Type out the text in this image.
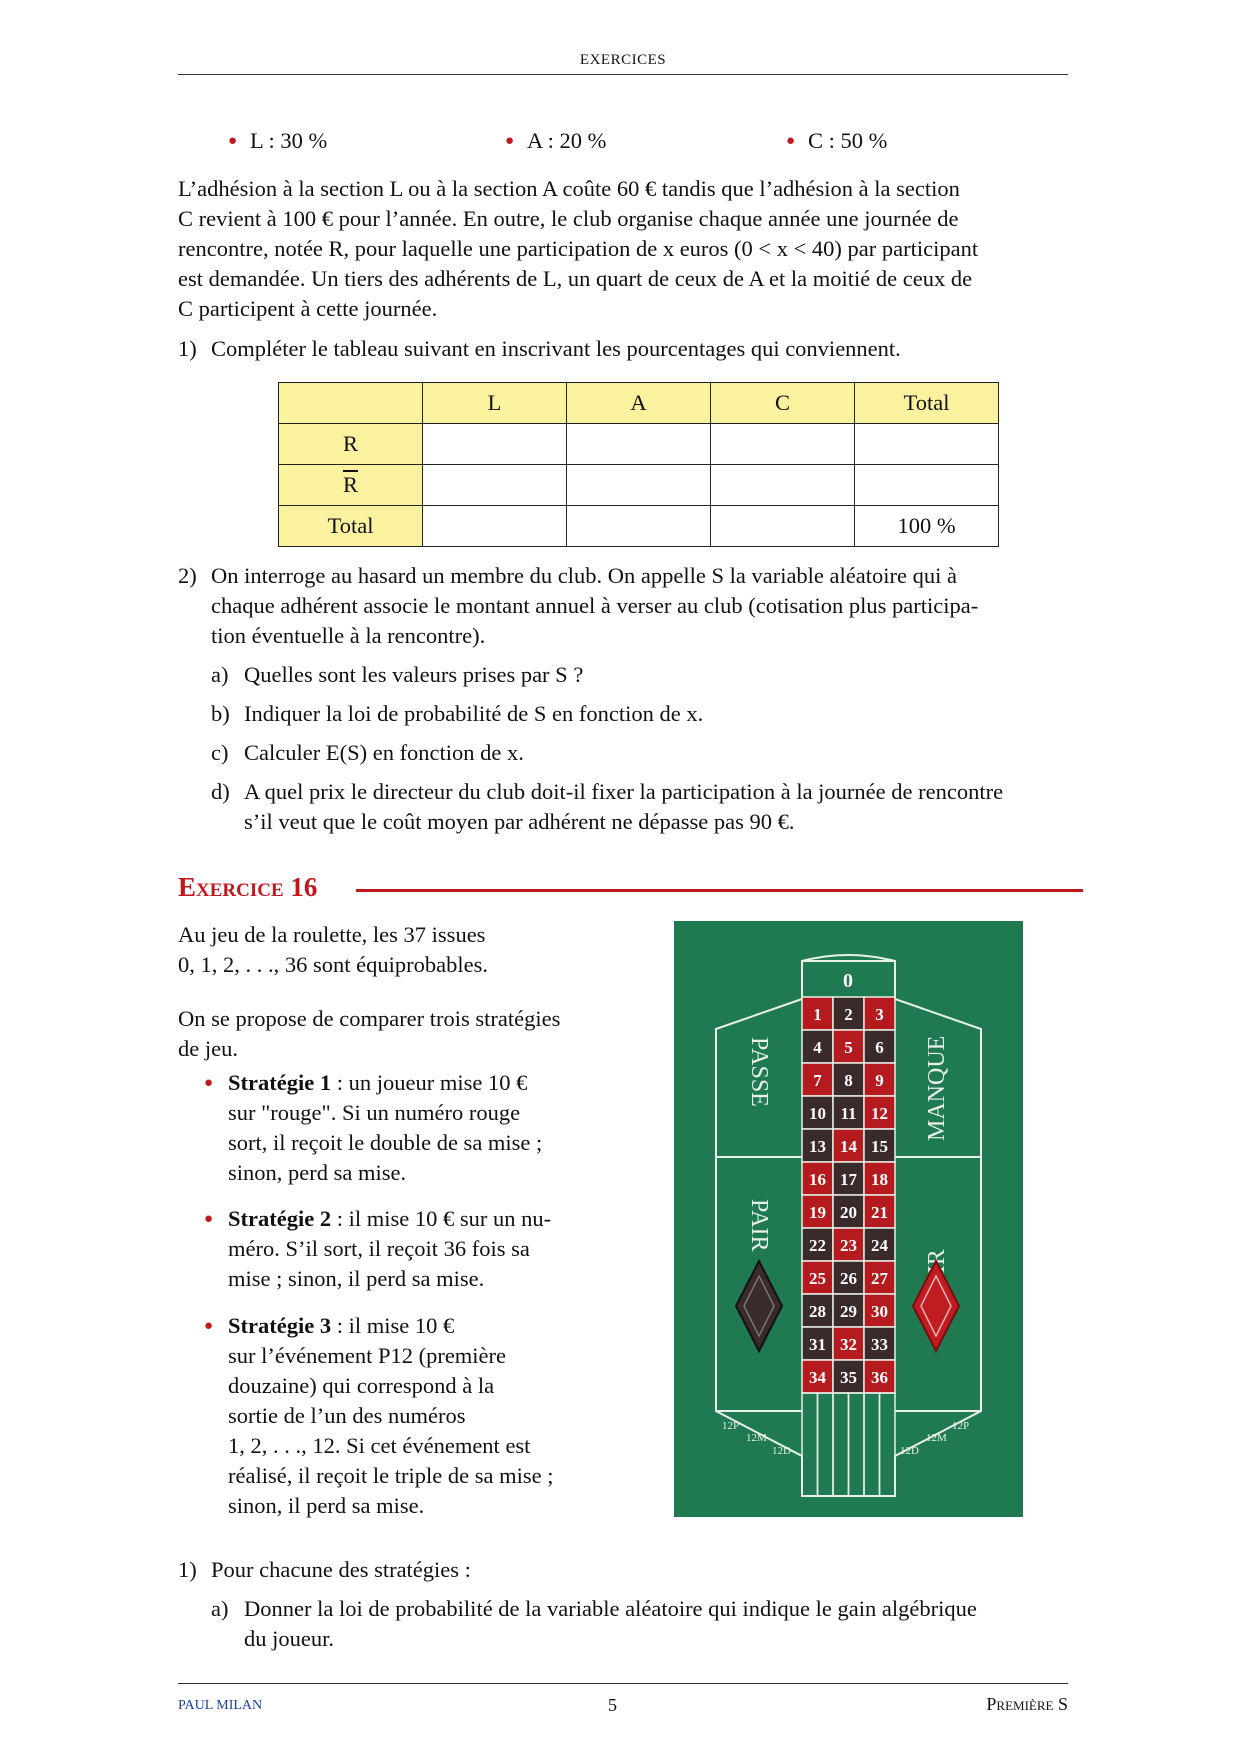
EXERCICES
● L : 30 %	● A : 20 %	● C : 50 %
L’adhésion à la section L ou à la section A coûte 60 € tandis que l’adhésion à la section
C revient à 100 € pour l’année. En outre, le club organise chaque année une journée de
rencontre, notée R, pour laquelle une participation de x euros (0 < x < 40) par participant
est demandée. Un tiers des adhérents de L, un quart de ceux de A et la moitié de ceux de
C participent à cette journée.
1) Compléter le tableau suivant en inscrivant les pourcentages qui conviennent.
	L	A	C	Total
R				
$\overline{R}$				
Total				100 %
2) On interroge au hasard un membre du club. On appelle S la variable aléatoire qui à
chaque adhérent associe le montant annuel à verser au club (cotisation plus participa-
tion éventuelle à la rencontre).
a) Quelles sont les valeurs prises par S ?
b) Indiquer la loi de probabilité de S en fonction de x.
c) Calculer E(S) en fonction de x.
d) A quel prix le directeur du club doit-il fixer la participation à la journée de rencontre
s’il veut que le coût moyen par adhérent ne dépasse pas 90 €.
Exercice 16
Au jeu de la roulette, les 37 issues
0, 1, 2, . . ., 36 sont équiprobables.
On se propose de comparer trois stratégies
de jeu.
● Stratégie 1 : un joueur mise 10 €
sur "rouge". Si un numéro rouge
sort, il reçoit le double de sa mise ;
sinon, perd sa mise.
● Stratégie 2 : il mise 10 € sur un nu-
méro. S’il sort, il reçoit 36 fois sa
mise ; sinon, il perd sa mise.
● Stratégie 3 : il mise 10 €
sur l’événement P12 (première
douzaine) qui correspond à la
sortie de l’un des numéros
1, 2, . . ., 12. Si cet événement est
réalisé, il reçoit le triple de sa mise ;
sinon, il perd sa mise.
0
1 2 3
4 5 6
7 8 9
10 11 12
13 14 15
16 17 18
19 20 21
22 23 24
25 26 27
28 29 30
31 32 33
34 35 36
PASSE	MANQUE
PAIR
12P
12M
12D	12D
12M
12P
1) Pour chacune des stratégies :
a) Donner la loi de probabilité de la variable aléatoire qui indique le gain algébrique
du joueur.
PAUL MILAN	5	Première S
